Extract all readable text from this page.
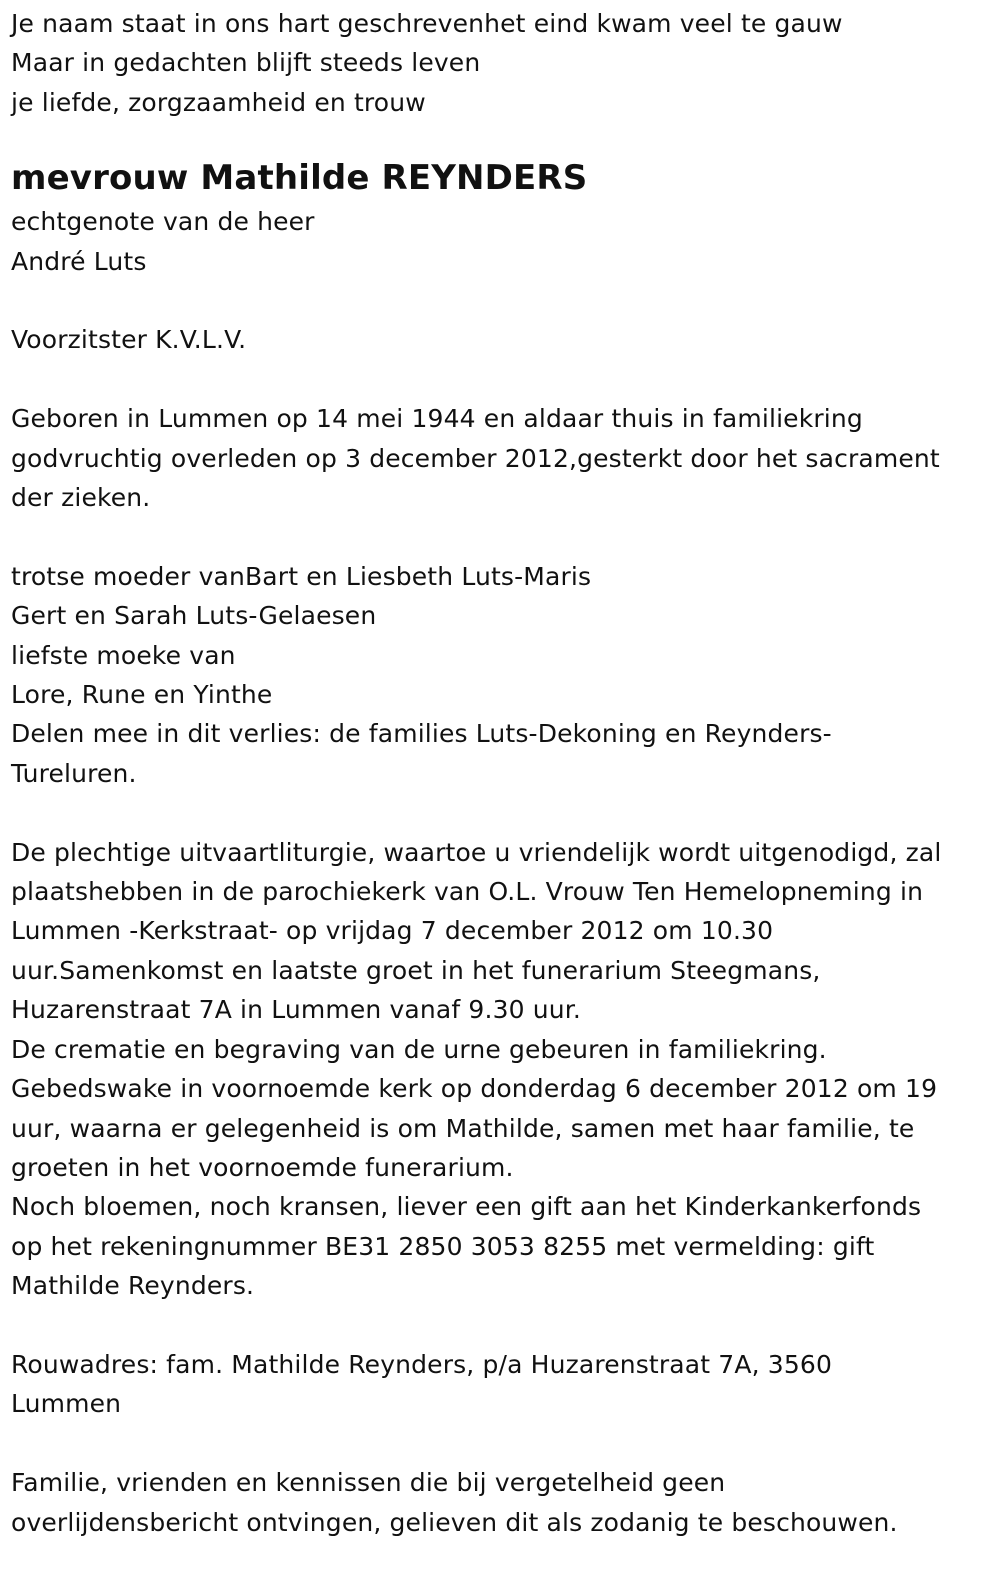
Je naam staat in ons hart geschrevenhet eind kwam veel te gauw
Maar in gedachten blijft steeds leven
je liefde, zorgzaamheid en trouw
mevrouw Mathilde REYNDERS
echtgenote van de heer
André Luts
Voorzitster K.V.L.V.
Geboren in Lummen op 14 mei 1944 en aldaar thuis in familiekring
godvruchtig overleden op 3 december 2012,gesterkt door het sacrament
der zieken.
trotse moeder vanBart en Liesbeth Luts-Maris
Gert en Sarah Luts-Gelaesen
liefste moeke van
Lore, Rune en Yinthe
Delen mee in dit verlies: de families Luts-Dekoning en Reynders-
Tureluren.
De plechtige uitvaartliturgie, waartoe u vriendelijk wordt uitgenodigd, zal
plaatshebben in de parochiekerk van O.L. Vrouw Ten Hemelopneming in
Lummen -Kerkstraat- op vrijdag 7 december 2012 om 10.30
uur.Samenkomst en laatste groet in het funerarium Steegmans,
Huzarenstraat 7A in Lummen vanaf 9.30 uur.
De crematie en begraving van de urne gebeuren in familiekring.
Gebedswake in voornoemde kerk op donderdag 6 december 2012 om 19
uur, waarna er gelegenheid is om Mathilde, samen met haar familie, te
groeten in het voornoemde funerarium.
Noch bloemen, noch kransen, liever een gift aan het Kinderkankerfonds
op het rekeningnummer BE31 2850 3053 8255 met vermelding: gift
Mathilde Reynders.
Rouwadres: fam. Mathilde Reynders, p/a Huzarenstraat 7A, 3560
Lummen
Familie, vrienden en kennissen die bij vergetelheid geen
overlijdensbericht ontvingen, gelieven dit als zodanig te beschouwen.
